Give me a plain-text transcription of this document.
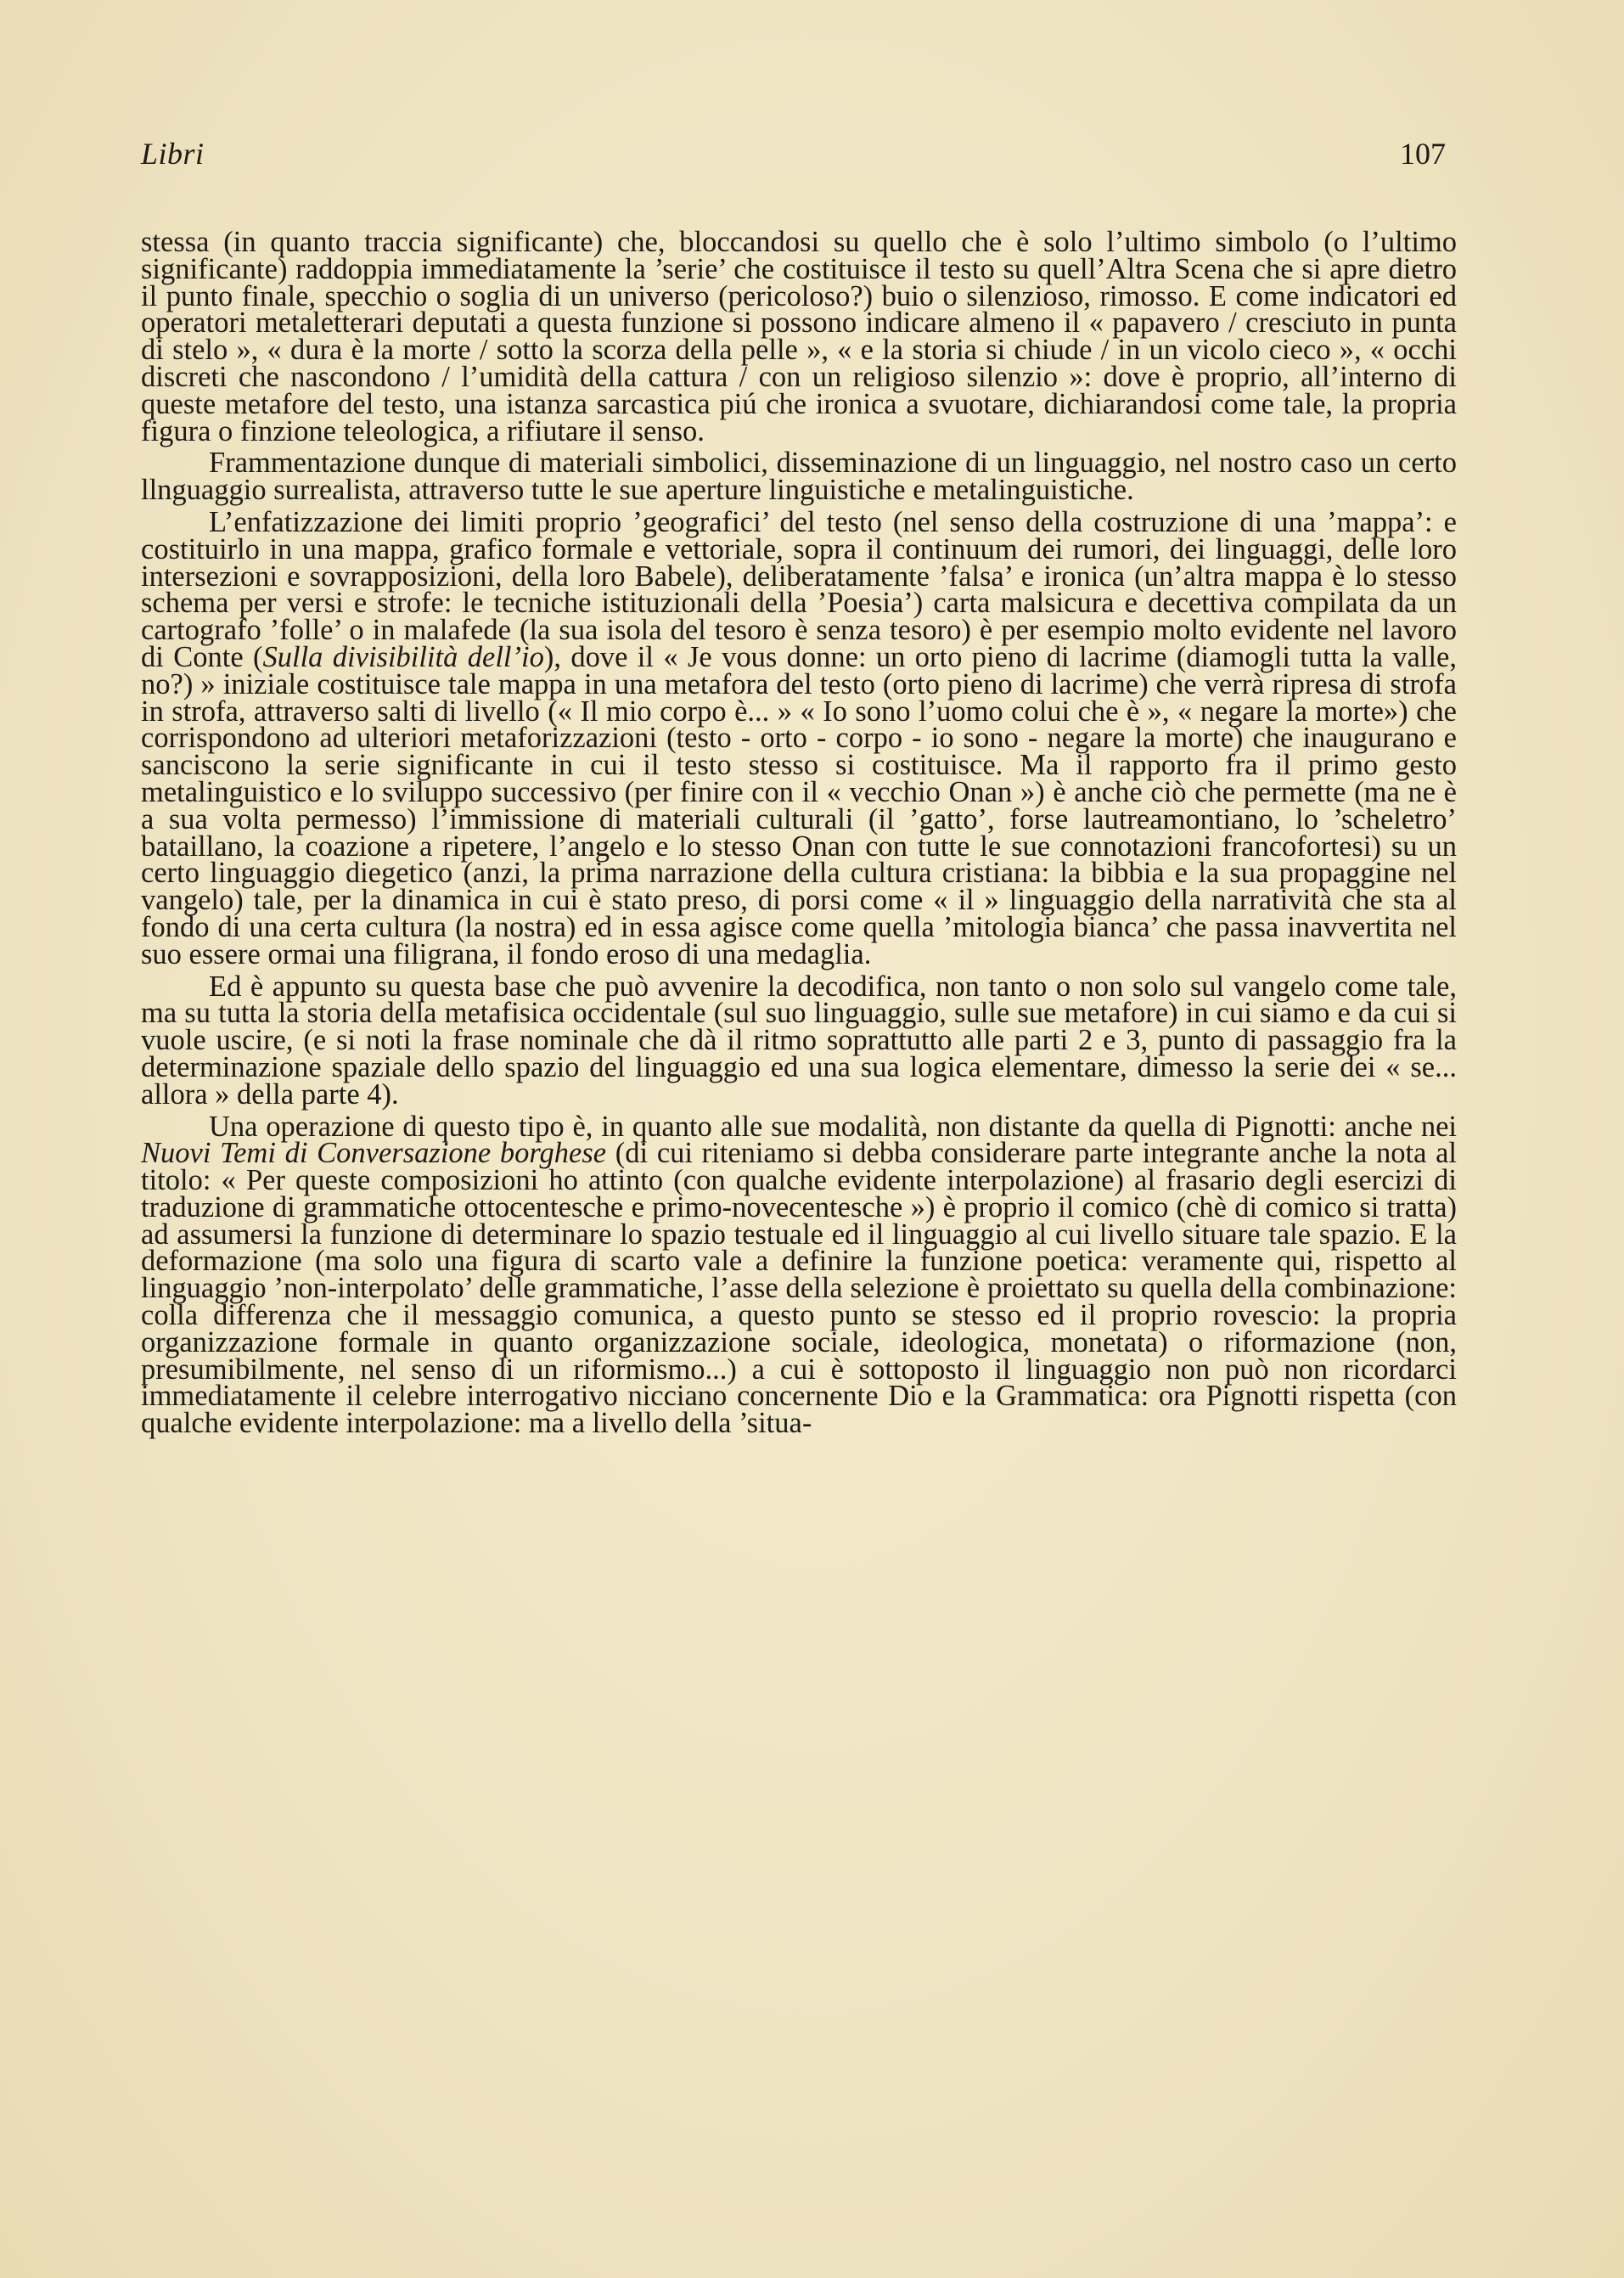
Libri	107

stessa (in quanto traccia significante) che, bloccandosi su quello che è solo l’ultimo simbolo (o l’ultimo significante) raddoppia immediatamente la ’serie’ che costituisce il testo su quell’Altra Scena che si apre dietro il punto finale, specchio o soglia di un universo (pericoloso?) buio o silenzioso, rimosso. E come indicatori ed operatori metaletterari deputati a questa funzione si possono indicare almeno il « papavero / cresciuto in punta di stelo », « dura è la morte / sotto la scorza della pelle », « e la storia si chiude / in un vicolo cieco », « occhi discreti che nascondono / l’umidità della cattura / con un religioso silenzio »: dove è proprio, all’interno di queste metafore del testo, una istanza sarcastica piú che ironica a svuotare, dichiarandosi come tale, la propria figura o finzione teleologica, a rifiutare il senso.

Frammentazione dunque di materiali simbolici, disseminazione di un linguaggio, nel nostro caso un certo llnguaggio surrealista, attraverso tutte le sue aperture linguistiche e metalinguistiche.

L’enfatizzazione dei limiti proprio ’geografici’ del testo (nel senso della costruzione di una ’mappa’: e costituirlo in una mappa, grafico formale e vettoriale, sopra il continuum dei rumori, dei linguaggi, delle loro intersezioni e sovrapposizioni, della loro Babele), deliberatamente ’falsa’ e ironica (un’altra mappa è lo stesso schema per versi e strofe: le tecniche istituzionali della ’Poesia’) carta malsicura e decettiva compilata da un cartografo ’folle’ o in malafede (la sua isola del tesoro è senza tesoro) è per esempio molto evidente nel lavoro di Conte (Sulla divisibilità dell’io), dove il « Je vous donne: un orto pieno di lacrime (diamogli tutta la valle, no?) » iniziale costituisce tale mappa in una metafora del testo (orto pieno di lacrime) che verrà ripresa di strofa in strofa, attraverso salti di livello (« Il mio corpo è... » « Io sono l’uomo colui che è », « negare la morte») che corrispondono ad ulteriori metaforizzazioni (testo - orto - corpo - io sono - negare la morte) che inaugurano e sanciscono la serie significante in cui il testo stesso si costituisce. Ma il rapporto fra il primo gesto metalinguistico e lo sviluppo successivo (per finire con il « vecchio Onan ») è anche ciò che permette (ma ne è a sua volta permesso) l’immissione di materiali culturali (il ’gatto’, forse lautreamontiano, lo ’scheletro’ bataillano, la coazione a ripetere, l’angelo e lo stesso Onan con tutte le sue connotazioni francofortesi) su un certo linguaggio diegetico (anzi, la prima narrazione della cultura cristiana: la bibbia e la sua propaggine nel vangelo) tale, per la dinamica in cui è stato preso, di porsi come « il » linguaggio della narratività che sta al fondo di una certa cultura (la nostra) ed in essa agisce come quella ’mitologia bianca’ che passa inavvertita nel suo essere ormai una filigrana, il fondo eroso di una medaglia.

Ed è appunto su questa base che può avvenire la decodifica, non tanto o non solo sul vangelo come tale, ma su tutta la storia della metafisica occidentale (sul suo linguaggio, sulle sue metafore) in cui siamo e da cui si vuole uscire, (e si noti la frase nominale che dà il ritmo soprattutto alle parti 2 e 3, punto di passaggio fra la determinazione spaziale dello spazio del linguaggio ed una sua logica elementare, dimesso la serie dei « se... allora » della parte 4).

Una operazione di questo tipo è, in quanto alle sue modalità, non distante da quella di Pignotti: anche nei Nuovi Temi di Conversazione borghese (di cui riteniamo si debba considerare parte integrante anche la nota al titolo: « Per queste composizioni ho attinto (con qualche evidente interpolazione) al frasario degli esercizi di traduzione di grammatiche ottocentesche e primo-novecentesche ») è proprio il comico (chè di comico si tratta) ad assumersi la funzione di determinare lo spazio testuale ed il linguaggio al cui livello situare tale spazio. E la deformazione (ma solo una figura di scarto vale a definire la funzione poetica: veramente qui, rispetto al linguaggio ’non-interpolato’ delle grammatiche, l’asse della selezione è proiettato su quella della combinazione: colla differenza che il messaggio comunica, a questo punto se stesso ed il proprio rovescio: la propria organizzazione formale in quanto organizzazione sociale, ideologica, monetata) o riformazione (non, presumibilmente, nel senso di un riformismo...) a cui è sottoposto il linguaggio non può non ricordarci immediatamente il celebre interrogativo nicciano concernente Dio e la Grammatica: ora Pignotti rispetta (con qualche evidente interpolazione: ma a livello della ’situa-
